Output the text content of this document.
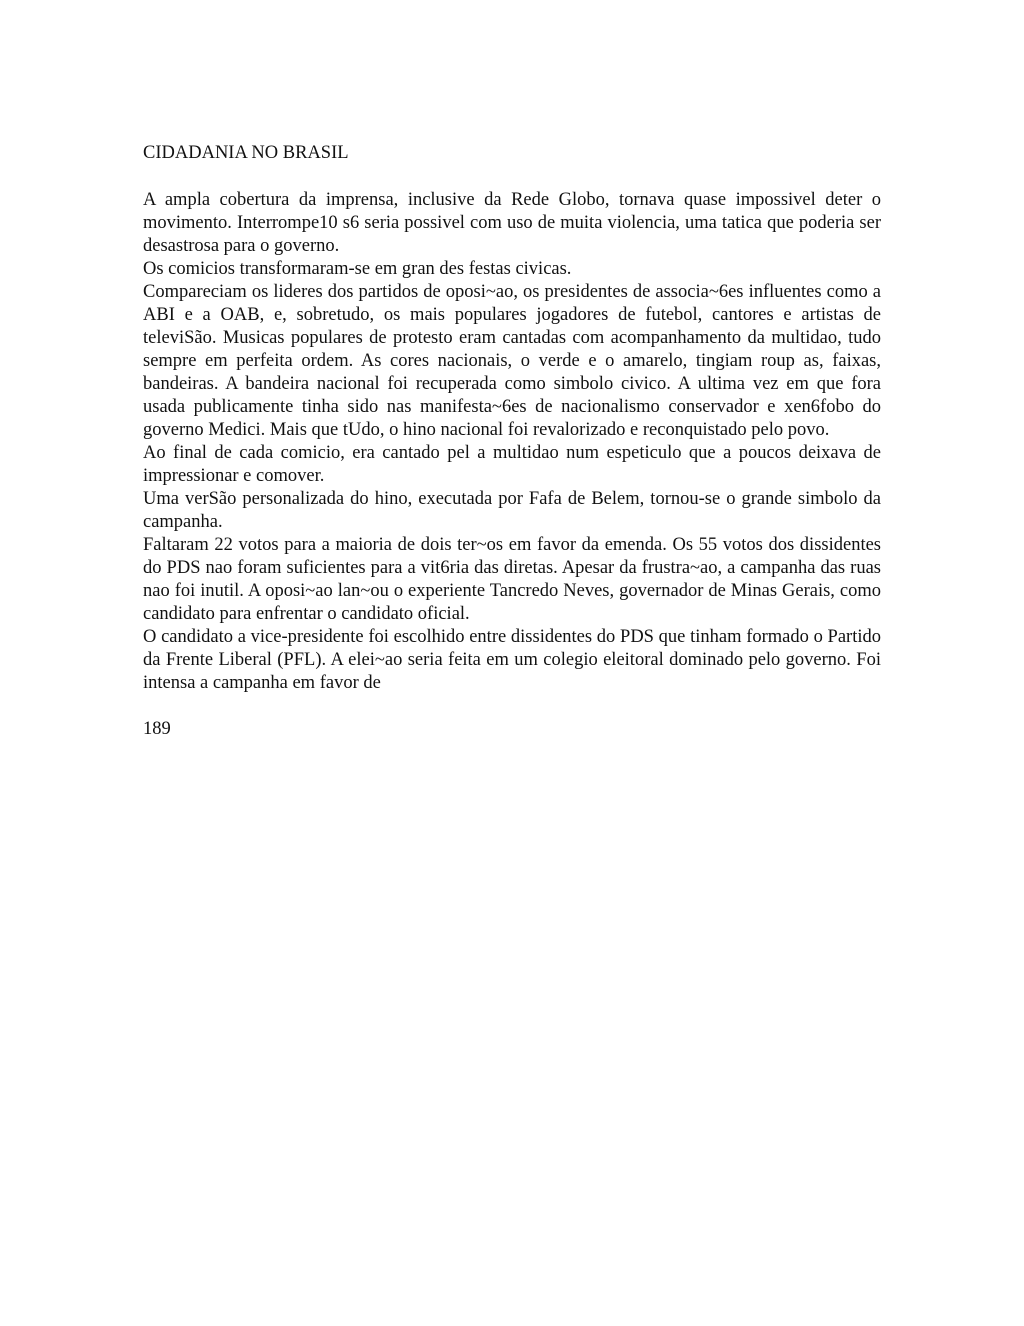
CIDADANIA NO BRASIL

A ampla cobertura da imprensa, inclusive da Rede Globo, tornava quase impossivel deter o movimento. Interrompe10 s6 seria possivel com uso de muita violencia, uma tatica que poderia ser desastrosa para o governo.

Os comicios transformaram-se em gran des festas civicas.

Compareciam os lideres dos partidos de oposi~ao, os presidentes de associa~6es influentes como a ABI e a OAB, e, sobretudo, os mais populares jogadores de futebol, cantores e artistas de televiSão. Musicas populares de protesto eram cantadas com acompanhamento da multidao, tudo sempre em perfeita ordem. As cores nacionais, o verde e o amarelo, tingiam roup as, faixas, bandeiras. A bandeira nacional foi recuperada como simbolo civico. A ultima vez em que fora usada publicamente tinha sido nas manifesta~6es de nacionalismo conservador e xen6fobo do governo Medici. Mais que tUdo, o hino nacional foi revalorizado e reconquistado pelo povo.

Ao final de cada comicio, era cantado pel a multidao num espeticulo que a poucos deixava de impressionar e comover.

Uma verSão personalizada do hino, executada por Fafa de Belem, tornou-se o grande simbolo da campanha.

Faltaram 22 votos para a maioria de dois ter~os em favor da emenda. Os 55 votos dos dissidentes do PDS nao foram suficientes para a vit6ria das diretas. Apesar da frustra~ao, a campanha das ruas nao foi inutil. A oposi~ao lan~ou o experiente Tancredo Neves, governador de Minas Gerais, como candidato para enfrentar o candidato oficial.

O candidato a vice-presidente foi escolhido entre dissidentes do PDS que tinham formado o Partido da Frente Liberal (PFL). A elei~ao seria feita em um colegio eleitoral dominado pelo governo. Foi intensa a campanha em favor de

189
